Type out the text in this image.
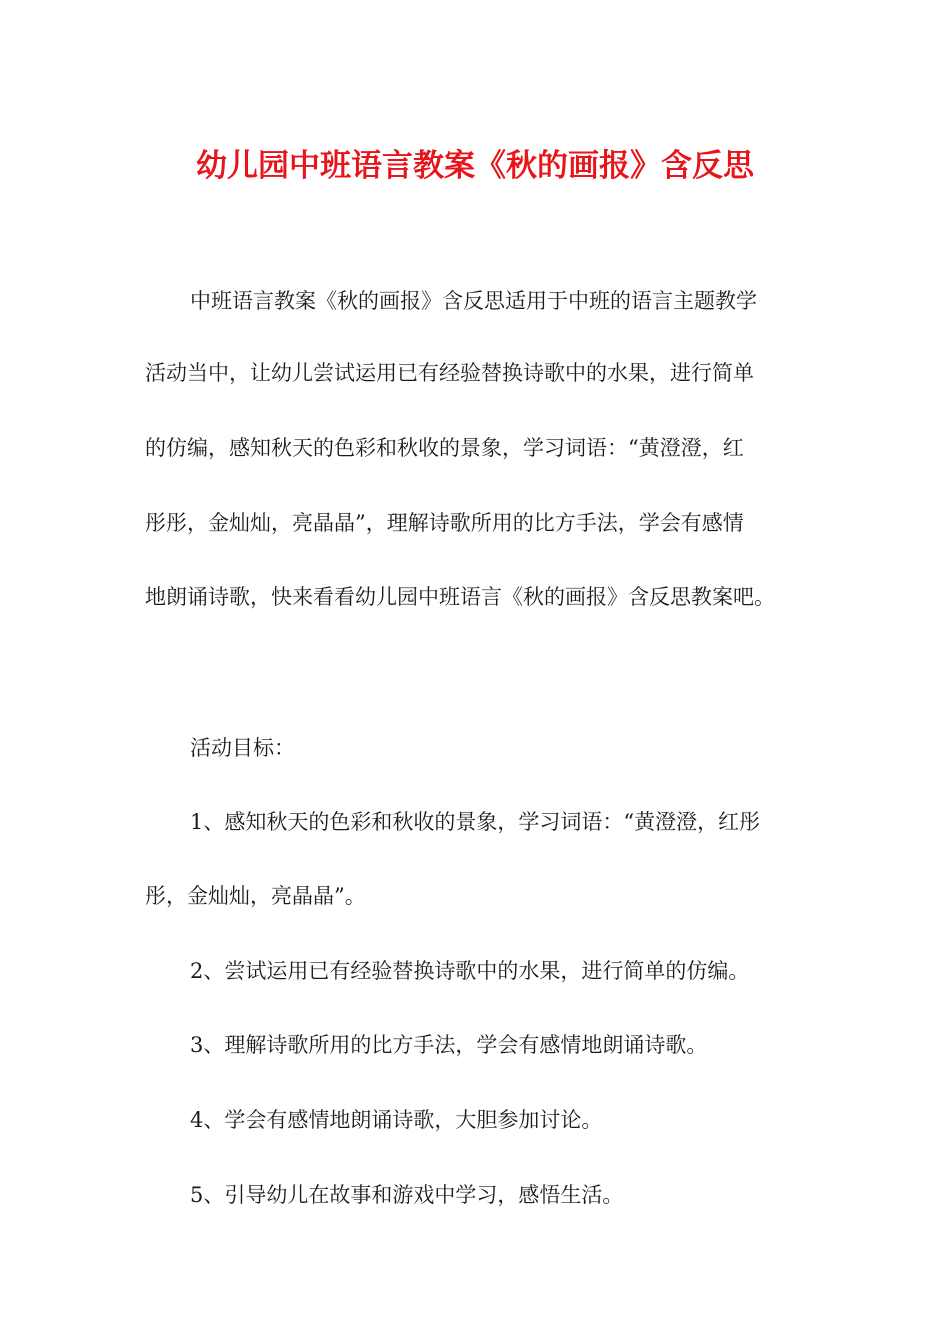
幼儿园中班语言教案《秋的画报》含反思

中班语言教案《秋的画报》含反思适用于中班的语言主题教学

活动当中，让幼儿尝试运用已有经验替换诗歌中的水果，进行简单

的仿编，感知秋天的色彩和秋收的景象，学习词语：“黄澄澄，红

彤彤，金灿灿，亮晶晶”，理解诗歌所用的比方手法，学会有感情

地朗诵诗歌，快来看看幼儿园中班语言《秋的画报》含反思教案吧。

活动目标：

1、感知秋天的色彩和秋收的景象，学习词语：“黄澄澄，红彤

彤，金灿灿，亮晶晶”。

2、尝试运用已有经验替换诗歌中的水果，进行简单的仿编。

3、理解诗歌所用的比方手法，学会有感情地朗诵诗歌。

4、学会有感情地朗诵诗歌，大胆参加讨论。

5、引导幼儿在故事和游戏中学习，感悟生活。
